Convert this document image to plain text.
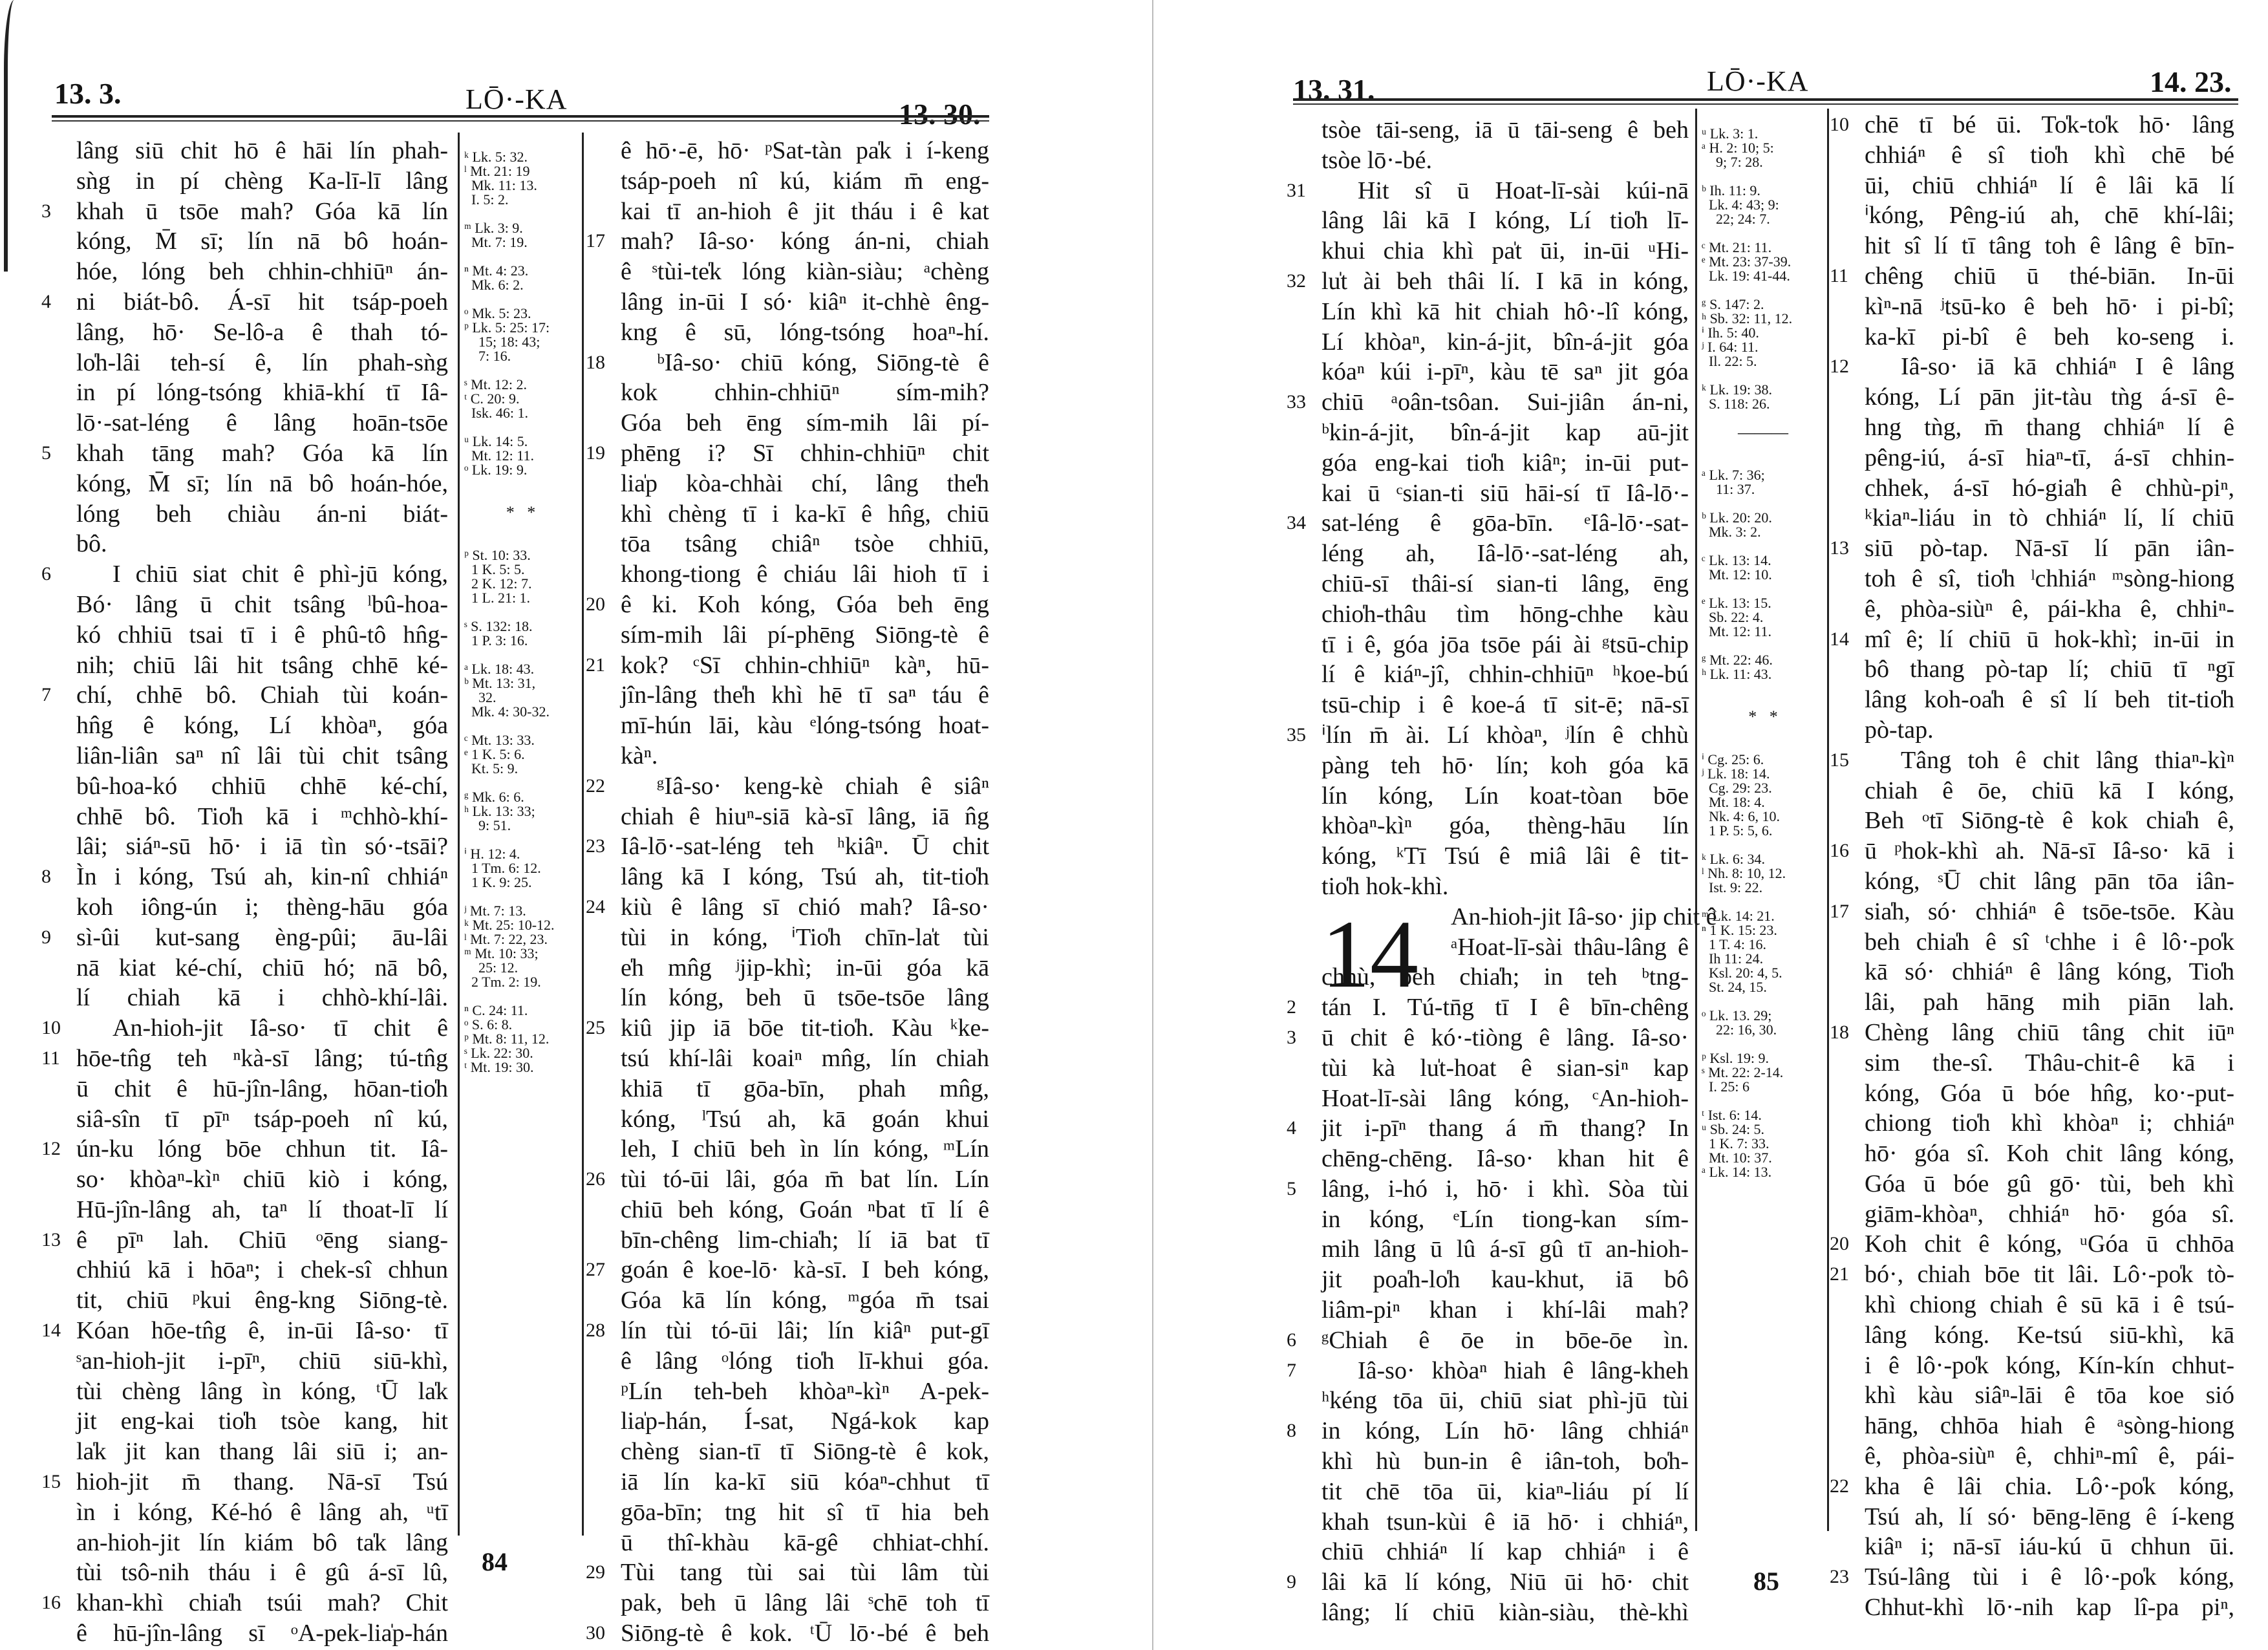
13. 3.	LŌ·-KA	13. 30.
lâng siū chit hō ê hāi lín phah-
sǹg in pí chèng Ka-lī-lī lâng
3	khah ū tsōe mah? Góa kā lín
kóng, M̄ sī; lín nā bô hoán-
hóe, lóng beh chhin-chhiūⁿ án-
4	ni biát-bô. Á-sī hit tsáp-poeh
lâng, hō· Se-lô-a ê thah tó-
lo̍h-lâi teh-sí ê, lín phah-sǹg
in pí lóng-tsóng khiā-khí tī Iâ-
lō·-sat-léng ê lâng hoān-tsōe
5	khah tāng mah? Góa kā lín
kóng, M̄ sī; lín nā bô hoán-hóe,
lóng beh chiàu án-ni biát-
bô.
6	I chiū siat chit ê phì-jū kóng,
Bó· lâng ū chit tsâng ˡbû-hoa-
kó chhiū tsai tī i ê phû-tô hn̂g-
nih; chiū lâi hit tsâng chhē ké-
7	chí, chhē bô. Chiah tùi koán-
hn̂g ê kóng, Lí khòaⁿ, góa
liân-liân saⁿ nî lâi tùi chit tsâng
bû-hoa-kó chhiū chhē ké-chí,
chhē bô. Tio̍h kā i ᵐchhò-khí-
lâi; siáⁿ-sū hō· i iā tìn só·-tsāi?
8	Ìn i kóng, Tsú ah, kin-nî chhiáⁿ
koh iông-ún i; thèng-hāu góa
9	sì-ûi kut-sang èng-pûi; āu-lâi
nā kiat ké-chí, chiū hó; nā bô,
lí chiah kā i chhò-khí-lâi.
10	An-hioh-jit Iâ-so· tī chit ê
11 hōe-tn̂g teh ⁿkà-sī lâng; tú-tn̂g
ū chit ê hū-jîn-lâng, hōan-tio̍h
siâ-sîn tī pīⁿ tsáp-poeh nî kú,
12 ún-ku lóng bōe chhun tit. Iâ-
so· khòaⁿ-kìⁿ chiū kiò i kóng,
Hū-jîn-lâng ah, taⁿ lí thoat-lī lí
13 ê pīⁿ lah. Chiū ᵒēng siang-
chhiú kā i hōaⁿ; i chek-sî chhun
tit, chiū ᵖkui êng-kng Siōng-tè.
14 Kóan hōe-tn̂g ê, in-ūi Iâ-so· tī
ˢan-hioh-jit i-pīⁿ, chiū siū-khì,
tùi chèng lâng ìn kóng, ᵗŪ la̍k
jit eng-kai tio̍h tsòe kang, hit
la̍k jit kan thang lâi siū i; an-
15 hioh-jit m̄ thang. Nā-sī Tsú
ìn i kóng, Ké-hó ê lâng ah, ᵘtī
an-hioh-jit lín kiám bô ta̍k lâng
tùi tsô-nih tháu i ê gû á-sī lû,
16 khan-khì chia̍h tsúi mah? Chit
ê hū-jîn-lâng sī ᵒA-pek-lia̍p-hán
ᵏ Lk. 5: 32.
ˡ Mt. 21: 19
Mk. 11: 13.
I. 5: 2.
ᵐ Lk. 3: 9.
Mt. 7: 19.
ⁿ Mt. 4: 23.
Mk. 6: 2.
ᵒ Mk. 5: 23.
ᵖ Lk. 5: 25: 17:
15; 18: 43;
7: 16.
ˢ Mt. 12: 2.
ᵗ C. 20: 9.
Isk. 46: 1.
ᵘ Lk. 14: 5.
Mt. 12: 11.
ᵒ Lk. 19: 9.
*   *
ᵖ St. 10: 33.
1 K. 5: 5.
2 K. 12: 7.
1 L. 21: 1.
ˢ S. 132: 18.
1 P. 3: 16.
ᵃ Lk. 18: 43.
ᵇ Mt. 13: 31,
32.
Mk. 4: 30-32.
ᶜ Mt. 13: 33.
ᵉ 1 K. 5: 6.
Kt. 5: 9.
ᵍ Mk. 6: 6.
ʰ Lk. 13: 33;
9: 51.
ⁱ H. 12: 4.
1 Tm. 6: 12.
1 K. 9: 25.
ʲ Mt. 7: 13.
ᵏ Mt. 25: 10-12.
ˡ Mt. 7: 22, 23.
ᵐ Mt. 10: 33;
25: 12.
2 Tm. 2: 19.
ⁿ C. 24: 11.
ᵒ S. 6: 8.
ᵖ Mt. 8: 11, 12.
ˢ Lk. 22: 30.
ᵗ Mt. 19: 30.
ê hō·-ē, hō· ᵖSat-tàn pa̍k i í-keng
tsáp-poeh nî kú, kiám m̄ eng-
kai tī an-hioh ê jit tháu i ê kat
17 mah? Iâ-so· kóng án-ni, chiah
ê ˢtùi-te̍k lóng kiàn-siàu; ᵃchèng
lâng in-ūi I só· kiâⁿ it-chhè êng-
kng ê sū, lóng-tsóng hoaⁿ-hí.
18	ᵇIâ-so· chiū kóng, Siōng-tè ê
kok chhin-chhiūⁿ sím-mih?
Góa beh ēng sím-mih lâi pí-
19 phēng i? Sī chhin-chhiūⁿ chit
lia̍p kòa-chhài chí, lâng the̍h
khì chèng tī i ka-kī ê hn̂g, chiū
tōa tsâng chiâⁿ tsòe chhiū,
khong-tiong ê chiáu lâi hioh tī i
20 ê ki. Koh kóng, Góa beh ēng
sím-mih lâi pí-phēng Siōng-tè ê
21 kok? ᶜSī chhin-chhiūⁿ kàⁿ, hū-
jîn-lâng the̍h khì hē tī saⁿ táu ê
mī-hún lāi, kàu ᵉlóng-tsóng hoat-
kàⁿ.
22	ᵍIâ-so· keng-kè chiah ê siâⁿ
chiah ê hiuⁿ-siā kà-sī lâng, iā n̂g
23 Iâ-lō·-sat-léng teh ʰkiâⁿ. Ū chit
lâng kā I kóng, Tsú ah, tit-tio̍h
24 kiù ê lâng sī chió mah? Iâ-so·
tùi in kóng, ⁱTio̍h chīn-la̍t tùi
e̍h mn̂g ʲjip-khì; in-ūi góa kā
lín kóng, beh ū tsōe-tsōe lâng
25 kiû jip iā bōe tit-tio̍h. Kàu ᵏke-
tsú khí-lâi koaiⁿ mn̂g, lín chiah
khiā tī gōa-bīn, phah mn̂g,
kóng, ˡTsú ah, kā goán khui
leh, I chiū beh ìn lín kóng, ᵐLín
26 tùi tó-ūi lâi, góa m̄ bat lín. Lín
chiū beh kóng, Goán ⁿbat tī lí ê
bīn-chêng lim-chia̍h; lí iā bat tī
27 goán ê koe-lō· kà-sī. I beh kóng,
Góa kā lín kóng, ᵐgóa m̄ tsai
28 lín tùi tó-ūi lâi; lín kiâⁿ put-gī
ê lâng ᵒlóng tio̍h lī-khui góa.
ᵖLín teh-beh khòaⁿ-kìⁿ A-pek-
lia̍p-hán, Í-sat, Ngá-kok kap
chèng sian-tī tī Siōng-tè ê kok,
iā lín ka-kī siū kóaⁿ-chhut tī
gōa-bīn; tng hit sî tī hia beh
ū thî-khàu kā-gê chhiat-chhí.
29 Tùi tang tùi sai tùi lâm tùi
pak, beh ū lâng lâi ˢchē toh tī
30 Siōng-tè ê kok. ᵗŪ lō·-bé ê beh
84
13. 31.	LŌ·-KA	14. 23.
tsòe tāi-seng, iā ū tāi-seng ê beh
tsòe lō·-bé.
31	Hit sî ū Hoat-lī-sài kúi-nā
lâng lâi kā I kóng, Lí tio̍h lī-
khui chia khì pa̍t ūi, in-ūi ᵘHi-
32 lu̍t ài beh thâi lí. I kā in kóng,
Lín khì kā hit chiah hô·-lî kóng,
Lí khòaⁿ, kin-á-jit, bîn-á-jit góa
kóaⁿ kúi i-pīⁿ, kàu tē saⁿ jit góa
33 chiū ᵃoân-tsôan. Sui-jiân án-ni,
ᵇkin-á-jit, bîn-á-jit kap aū-jit
góa eng-kai tio̍h kiâⁿ; in-ūi put-
kai ū ᶜsian-ti siū hāi-sí tī Iâ-lō·-
34 sat-léng ê gōa-bīn. ᵉIâ-lō·-sat-
léng ah, Iâ-lō·-sat-léng ah,
chiū-sī thâi-sí sian-ti lâng, ēng
chio̍h-thâu tìm hōng-chhe kàu
tī i ê, góa jōa tsōe pái ài ᵍtsū-chip
lí ê kiáⁿ-jî, chhin-chhiūⁿ ʰkoe-bú
tsū-chip i ê koe-á tī sit-ē; nā-sī
35 ⁱlín m̄ ài. Lí khòaⁿ, ʲlín ê chhù
pàng teh hō· lín; koh góa kā
lín kóng, Lín koat-tòan bōe
khòaⁿ-kìⁿ góa, thèng-hāu lín
kóng, ᵏTī Tsú ê miâ lâi ê tit-
tio̍h hok-khì.
14 An-hioh-jit Iâ-so· jip chit ê
ᵃHoat-lī-sài thâu-lâng ê
chhù, beh chia̍h; in teh ᵇtng-
2	tán I. Tú-tn̄g tī I ê bīn-chêng
3	ū chit ê kó·-tiòng ê lâng. Iâ-so·
tùi kà lu̍t-hoat ê sian-siⁿ kap
Hoat-lī-sài lâng kóng, ᶜAn-hioh-
4	jit i-pīⁿ thang á m̄ thang? In
chēng-chēng. Iâ-so· khan hit ê
5	lâng, i-hó i, hō· i khì. Sòa tùi
in kóng, ᵉLín tiong-kan sím-
mih lâng ū lû á-sī gû tī an-hioh-
jit poa̍h-lo̍h kau-khut, iā bô
liâm-piⁿ khan i khí-lâi mah?
6	ᵍChiah ê ōe in bōe-ōe ìn.
7	Iâ-so· khòaⁿ hiah ê lâng-kheh
ʰkéng tōa ūi, chiū siat phì-jū tùi
8	in kóng, Lín hō· lâng chhiáⁿ
khì hù bun-in ê iân-toh, bo̍h-
tit chē tōa ūi, kiaⁿ-liáu pí lí
khah tsun-kùi ê iā hō· i chhiáⁿ,
chiū chhiáⁿ lí kap chhiáⁿ i ê
9	lâi kā lí kóng, Niū ūi hō· chit
lâng; lí chiū kiàn-siàu, thè-khì
ᵘ Lk. 3: 1.
ᵃ H. 2: 10; 5:
9; 7: 28.
ᵇ Ih. 11: 9.
Lk. 4: 43; 9:
22; 24: 7.
ᶜ Mt. 21: 11.
ᵉ Mt. 23: 37-39.
Lk. 19: 41-44.
ᵍ S. 147: 2.
ʰ Sb. 32: 11, 12.
ⁱ Ih. 5: 40.
ʲ I. 64: 11.
Il. 22: 5.
ᵏ Lk. 19: 38.
S. 118: 26.
———
ᵃ Lk. 7: 36;
11: 37.
ᵇ Lk. 20: 20.
Mk. 3: 2.
ᶜ Lk. 13: 14.
Mt. 12: 10.
ᵉ Lk. 13: 15.
Sb. 22: 4.
Mt. 12: 11.
ᵍ Mt. 22: 46.
ʰ Lk. 11: 43.
*   *
ⁱ Cg. 25: 6.
ʲ Lk. 18: 14.
Cg. 29: 23.
Mt. 18: 4.
Nk. 4: 6, 10.
1 P. 5: 5, 6.
ᵏ Lk. 6: 34.
ˡ Nh. 8: 10, 12.
Ist. 9: 22.
ᵐ Lk. 14: 21.
ⁿ 1 K. 15: 23.
1 T. 4: 16.
Ih 11: 24.
Ksl. 20: 4, 5.
St. 24, 15.
ᵒ Lk. 13. 29;
22: 16, 30.
ᵖ Ksl. 19: 9.
ˢ Mt. 22: 2-14.
I. 25: 6
ᵗ Ist. 6: 14.
ᵘ Sb. 24: 5.
1 K. 7: 33.
Mt. 10: 37.
ᵃ Lk. 14: 13.
10 chē tī bé ūi. To̍k-to̍k hō· lâng
chhiáⁿ ê sî tio̍h khì chē bé
ūi, chiū chhiáⁿ lí ê lâi kā lí
ⁱkóng, Pêng-iú ah, chē khí-lâi;
hit sî lí tī tâng toh ê lâng ê bīn-
11 chêng chiū ū thé-biān. In-ūi
kìⁿ-nā ʲtsū-ko ê beh hō· i pi-bî;
ka-kī pi-bî ê beh ko-seng i.
12	Iâ-so· iā kā chhiáⁿ I ê lâng
kóng, Lí pān jit-tàu tǹg á-sī ê-
hng tǹg, m̄ thang chhiáⁿ lí ê
pêng-iú, á-sī hiaⁿ-tī, á-sī chhin-
chhek, á-sī hó-gia̍h ê chhù-piⁿ,
ᵏkiaⁿ-liáu in tò chhiáⁿ lí, lí chiū
13 siū pò-tap. Nā-sī lí pān iân-
toh ê sî, tio̍h ˡchhiáⁿ ᵐsòng-hiong
ê, phòa-siùⁿ ê, pái-kha ê, chhiⁿ-
14 mî ê; lí chiū ū hok-khì; in-ūi in
bô thang pò-tap lí; chiū tī ⁿgī
lâng koh-oa̍h ê sî lí beh tit-tio̍h
pò-tap.
15	Tâng toh ê chit lâng thiaⁿ-kìⁿ
chiah ê ōe, chiū kā I kóng,
Beh ᵒtī Siōng-tè ê kok chia̍h ê,
16 ū ᵖhok-khì ah. Nā-sī Iâ-so· kā i
kóng, ˢŪ chit lâng pān tōa iân-
17 sia̍h, só· chhiáⁿ ê tsōe-tsōe. Kàu
beh chia̍h ê sî ᵗchhe i ê lô·-po̍k
kā só· chhiáⁿ ê lâng kóng, Tio̍h
lâi, pah hāng mih piān lah.
18 Chèng lâng chiū tâng chit iūⁿ
sim the-sî. Thâu-chit-ê kā i
kóng, Góa ū bóe hn̂g, ko·-put-
chiong tio̍h khì khòaⁿ i; chhiáⁿ
hō· góa sî. Koh chit lâng kóng,
Góa ū bóe gû gō· tùi, beh khì
giām-khòaⁿ, chhiáⁿ hō· góa sî.
20 Koh chit ê kóng, ᵘGóa ū chhōa
21 bó·, chiah bōe tit lâi. Lô·-po̍k tò-
khì chiong chiah ê sū kā i ê tsú-
lâng kóng. Ke-tsú siū-khì, kā
i ê lô·-po̍k kóng, Kín-kín chhut-
khì kàu siâⁿ-lāi ê tōa koe sió
hāng, chhōa hiah ê ᵃsòng-hiong
ê, phòa-siùⁿ ê, chhiⁿ-mî ê, pái-
22 kha ê lâi chia. Lô·-po̍k kóng,
Tsú ah, lí só· bēng-lēng ê í-keng
kiâⁿ i; nā-sī iáu-kú ū chhun ūi.
23 Tsú-lâng tùi i ê lô·-po̍k kóng,
Chhut-khì lō·-nih kap lî-pa piⁿ,
85
